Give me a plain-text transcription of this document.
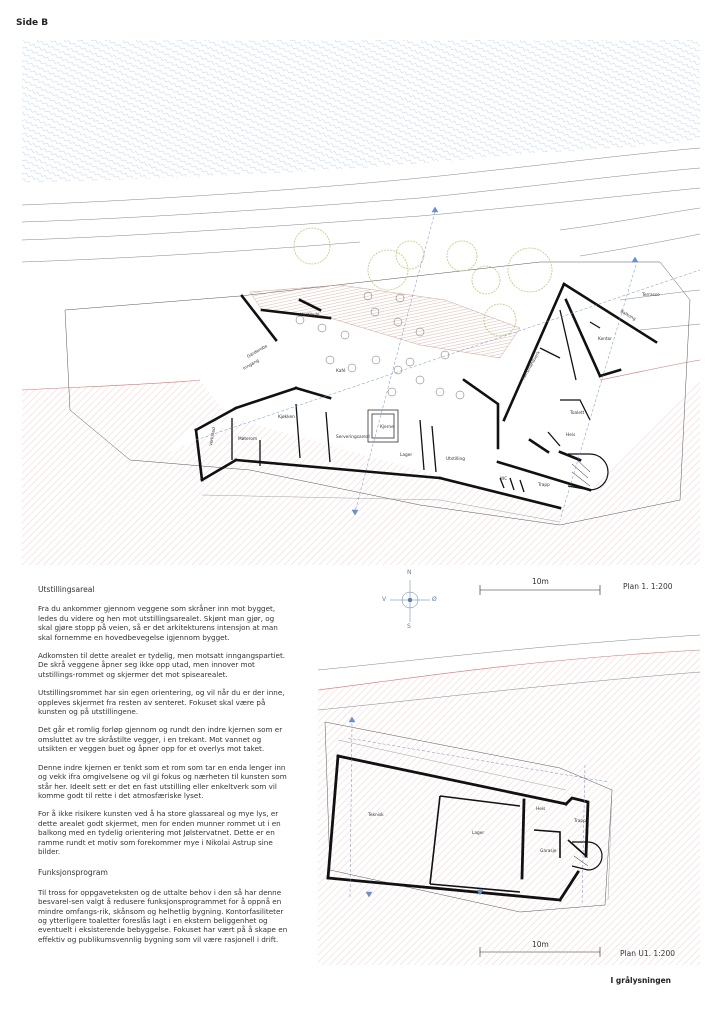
Side B
Inngang
Garderobe
Kafé
Kjøkken
Verksted	Møterom	Serveringsareal
Kjerne
Lager
Utstilling
Kunsthåndverk
Kontor
Balkong
Toalett
Heis
WC
Trapp
Vestibyle
Terrasse
Teknisk
Lager
Heis
Trapp
Garasje
N
S
Ø
V
10m
Plan 1. 1:200
10m
Plan U1. 1:200
Utstillingsareal

Fra du ankommer gjennom veggene som skråner inn mot bygget, ledes du videre og hen mot utstillingsarealet. Skjønt man gjør, og skal gjøre stopp på veien, så er det arkitekturens intensjon at man skal fornemme en hovedbevegelse igjennom bygget.

Adkomsten til dette arealet er tydelig, men motsatt inngangspartiet. De skrå veggene åpner seg ikke opp utad, men innover mot utstillings-rommet og skjermer det mot spisearealet.

Utstillingsrommet har sin egen orientering, og vil når du er der inne, oppleves skjermet fra resten av senteret. Fokuset skal være på kunsten og på utstillingene.

Det går et romlig forløp gjennom og rundt den indre kjernen som er omsluttet av tre skråstilte vegger, i en trekant. Mot vannet og utsikten er veggen buet og åpner opp for et overlys mot taket.

Denne indre kjernen er tenkt som et rom som tar en enda lenger inn og vekk ifra omgivelsene og vil gi fokus og nærheten til kunsten som står her. Ideelt sett er det en fast utstilling eller enkeltverk som vil komme godt til rette i det atmosfæriske lyset.

For å ikke risikere kunsten ved å ha store glassareal og mye lys, er dette arealet godt skjermet, men for enden munner rommet ut i en balkong med en tydelig orientering mot Jølstervatnet. Dette er en ramme rundt et motiv som forekommer mye i Nikolai Astrup sine bilder.

Funksjonsprogram

Til tross for oppgaveteksten og de uttalte behov i den så har denne besvarel-sen valgt å redusere funksjonsprogrammet for å oppnå en mindre omfangs-rik, skånsom og helhetlig bygning. Kontorfasiliteter og ytterligere toaletter foreslås lagt i en ekstern beliggenhet og eventuelt i eksisterende bebyggelse. Fokuset har vært på å skape en effektiv og publikumsvennlig bygning som vil være rasjonell i drift.

I grålysningen
